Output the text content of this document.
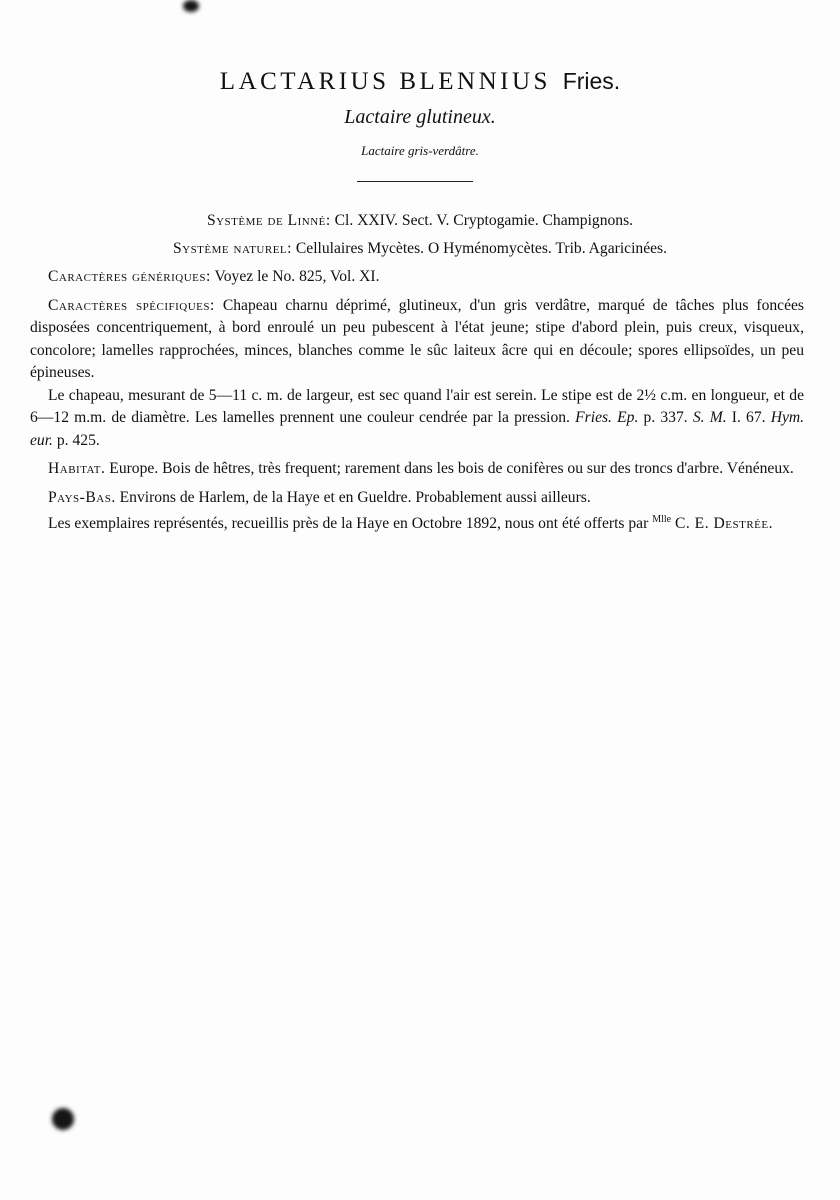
LACTARIUS BLENNIUS Fries.
Lactaire glutineux.
Lactaire gris-verdâtre.
Système de Linné: Cl. XXIV. Sect. V. Cryptogamie. Champignons.
Système naturel: Cellulaires Mycètes. O Hyménomycètes. Trib. Agaricinées.

Caractères génériques: Voyez le No. 825, Vol. XI.

Caractères spécifiques: Chapeau charnu déprimé, glutineux, d'un gris verdâtre, marqué de tâches plus foncées disposées concentriquement, à bord enroulé un peu pubescent à l'état jeune; stipe d'abord plein, puis creux, visqueux, concolore; lamelles rapprochées, minces, blanches comme le sûc laiteux âcre qui en découle; spores ellipsoïdes, un peu épineuses.

Le chapeau, mesurant de 5—11 c. m. de largeur, est sec quand l'air est serein. Le stipe est de 2½ c.m. en longueur, et de 6—12 m.m. de diamètre. Les lamelles prennent une couleur cendrée par la pression. Fries. Ep. p. 337. S. M. I. 67. Hym. eur. p. 425.

Habitat. Europe. Bois de hêtres, très frequent; rarement dans les bois de conifères ou sur des troncs d'arbre. Vénéneux.

Pays-Bas. Environs de Harlem, de la Haye et en Gueldre. Probablement aussi ailleurs.

Les exemplaires représentés, recueillis près de la Haye en Octobre 1892, nous ont été offerts par $^{Mlle}$ C. E. Destrée.
